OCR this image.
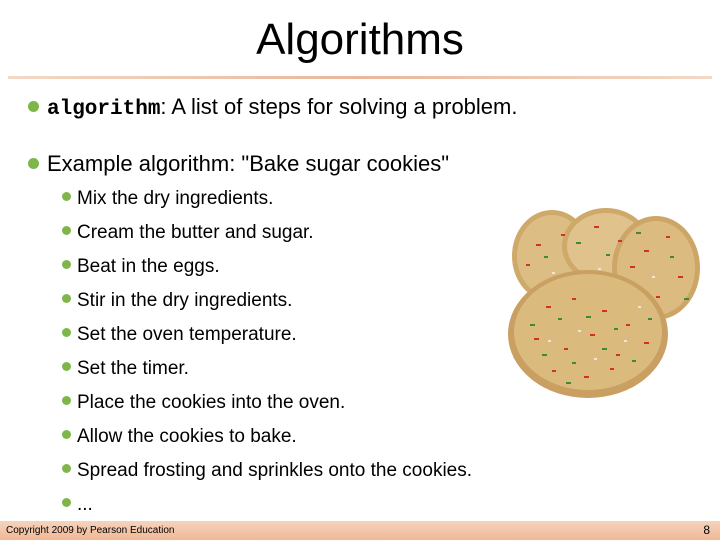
Algorithms
algorithm: A list of steps for solving a problem.
Example algorithm: "Bake sugar cookies"
Mix the dry ingredients.
Cream the butter and sugar.
Beat in the eggs.
Stir in the dry ingredients.
Set the oven temperature.
Set the timer.
Place the cookies into the oven.
Allow the cookies to bake.
Spread frosting and sprinkles onto the cookies.
...
Copyright 2009 by Pearson Education	8
